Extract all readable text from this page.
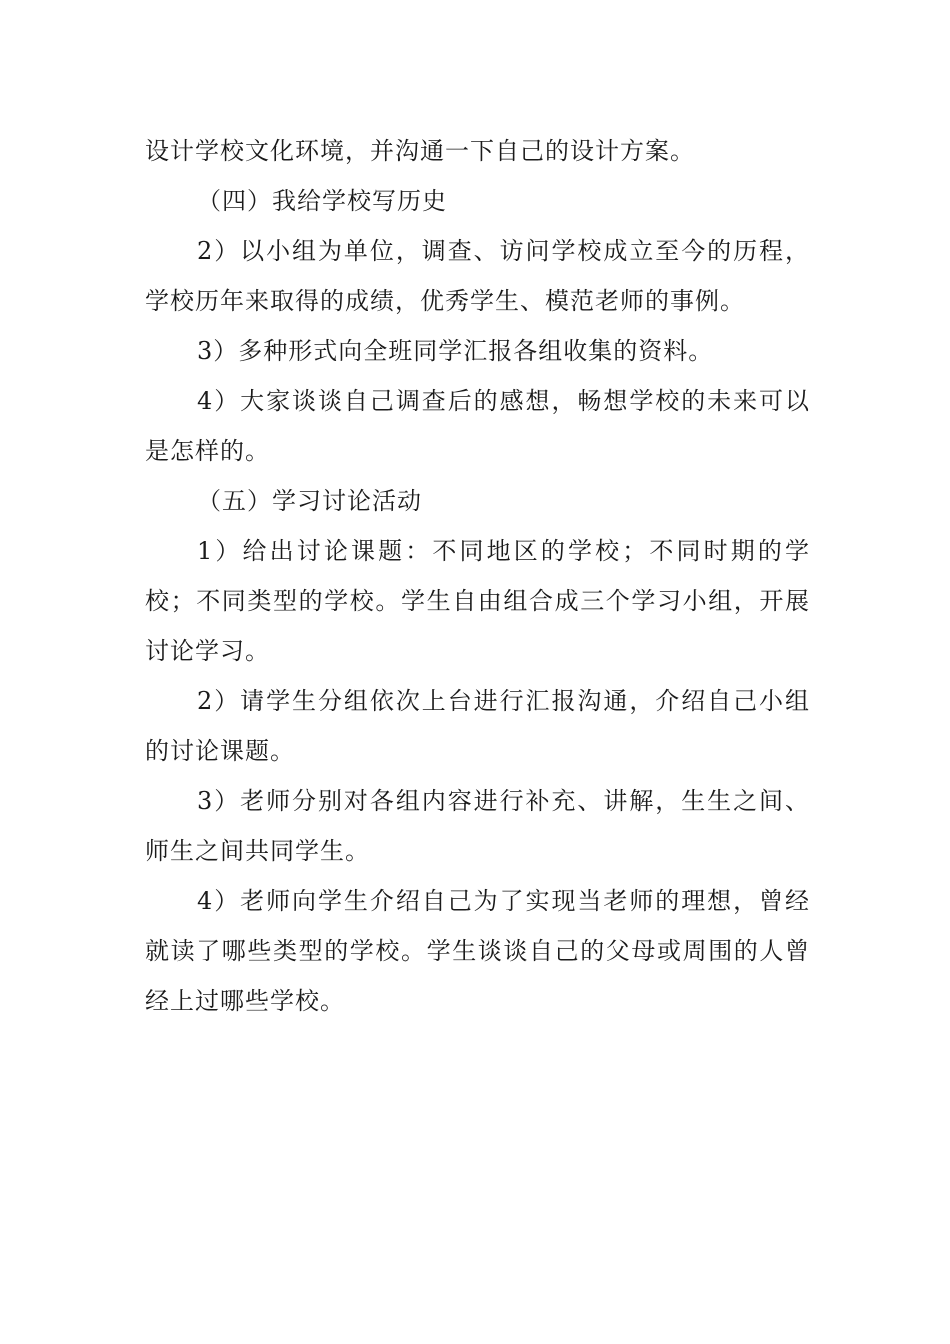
设计学校文化环境，并沟通一下自己的设计方案。

（四）我给学校写历史

2）以小组为单位，调查、访问学校成立至今的历程，学校历年来取得的成绩，优秀学生、模范老师的事例。

3）多种形式向全班同学汇报各组收集的资料。

4）大家谈谈自己调查后的感想，畅想学校的未来可以是怎样的。

（五）学习讨论活动

1）给出讨论课题：不同地区的学校；不同时期的学校；不同类型的学校。学生自由组合成三个学习小组，开展讨论学习。

2）请学生分组依次上台进行汇报沟通，介绍自己小组的讨论课题。

3）老师分别对各组内容进行补充、讲解，生生之间、师生之间共同学生。

4）老师向学生介绍自己为了实现当老师的理想，曾经就读了哪些类型的学校。学生谈谈自己的父母或周围的人曾经上过哪些学校。
